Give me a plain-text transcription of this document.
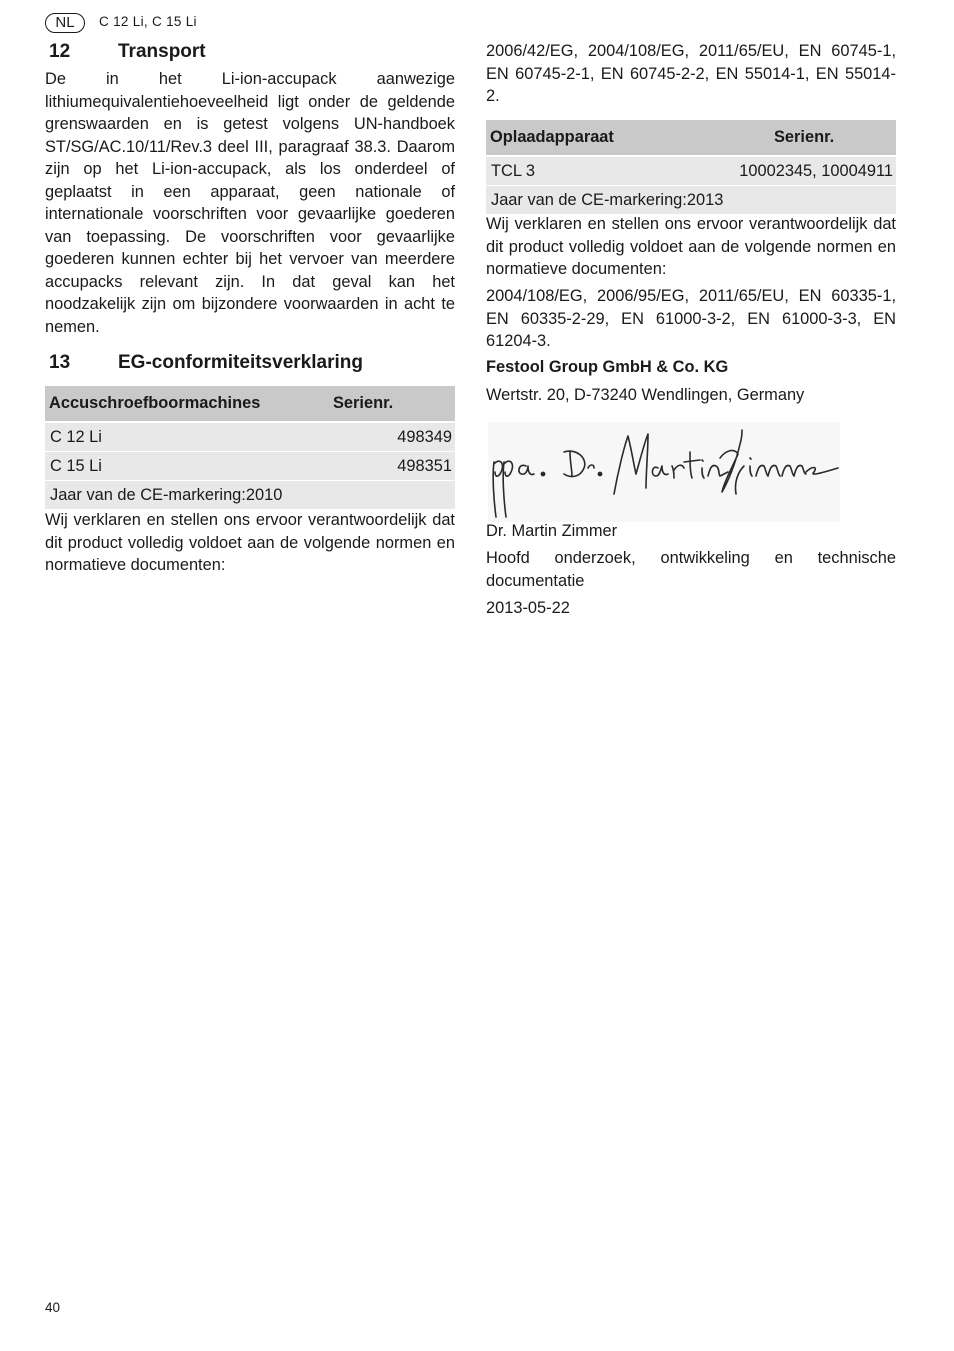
NL	C 12 Li, C 15 Li
12	Transport

De in het Li-ion-accupack aanwezige lithiumequivalentiehoeveelheid ligt onder de geldende grenswaarden en is getest volgens UN-handboek ST/SG/AC.10/11/Rev.3 deel III, paragraaf 38.3. Daarom zijn op het Li-ion-accupack, als los onderdeel of geplaatst in een apparaat, geen nationale of internationale voorschriften voor gevaarlijke goederen van toepassing. De voorschriften voor gevaarlijke goederen kunnen echter bij het vervoer van meerdere accupacks relevant zijn. In dat geval kan het noodzakelijk zijn om bijzondere voorwaarden in acht te nemen.

13	EG-conformiteitsverklaring
Accuschroefboormachines	Serienr.
C 12 Li	498349
C 15 Li	498351
Jaar van de CE-markering:2010

Wij verklaren en stellen ons ervoor verantwoordelijk dat dit product volledig voldoet aan de volgende normen en normatieve documenten:

2006/42/EG, 2004/108/EG, 2011/65/EU, EN 60745-1, EN 60745-2-1, EN 60745-2-2, EN 55014-1, EN 55014-2.

Oplaadapparaat	Serienr.
TCL 3	10002345, 10004911
Jaar van de CE-markering:2013

Wij verklaren en stellen ons ervoor verantwoordelijk dat dit product volledig voldoet aan de volgende normen en normatieve documenten:

2004/108/EG, 2006/95/EG, 2011/65/EU, EN 60335-1, EN 60335-2-29, EN 61000-3-2, EN 61000-3-3, EN 61204-3.

Festool Group GmbH & Co. KG

Wertstr. 20, D-73240 Wendlingen, Germany

Dr. Martin Zimmer

Hoofd onderzoek, ontwikkeling en technische documentatie

2013-05-22

40
